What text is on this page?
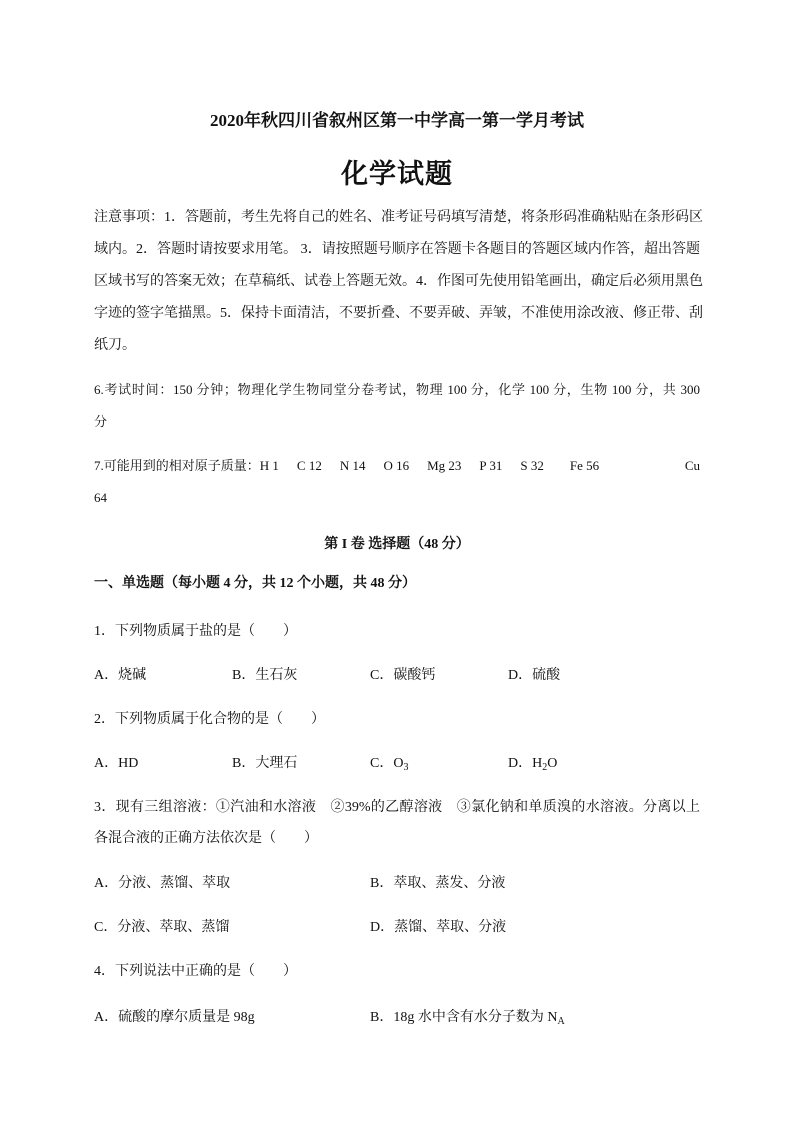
2020年秋四川省叙州区第一中学高一第一学月考试
化学试题
注意事项：1．答题前，考生先将自己的姓名、准考证号码填写清楚，将条形码准确粘贴在条形码区
域内。2．答题时请按要求用笔。 3．请按照题号顺序在答题卡各题目的答题区域内作答，超出答题
区域书写的答案无效；在草稿纸、试卷上答题无效。4．作图可先使用铅笔画出，确定后必须用黑色
字迹的签字笔描黑。5．保持卡面清洁，不要折叠、不要弄破、弄皱，不准使用涂改液、修正带、刮
纸刀。
6.考试时间：150 分钟；物理化学生物同堂分卷考试，物理 100 分，化学 100 分，生物 100 分，共 300
分
7.可能用到的相对原子质量：H 1 C 12 N 14 O 16 Mg 23 P 31 S 32 Fe 56	Cu
64
第 I 卷 选择题（48 分）
一、单选题（每小题 4 分，共 12 个小题，共 48 分）
1．下列物质属于盐的是（　　）
A．烧碱	B．生石灰	C．碳酸钙	D．硫酸
2．下列物质属于化合物的是（　　）
A．HD	B．大理石	C．$O_3$	D．$H_2O$
3．现有三组溶液：①汽油和水溶液　②39%的乙醇溶液　③氯化钠和单质溴的水溶液。分离以上
各混合液的正确方法依次是（　　）
A．分液、蒸馏、萃取	B．萃取、蒸发、分液
C．分液、萃取、蒸馏	D．蒸馏、萃取、分液
4．下列说法中正确的是（　　）
A．硫酸的摩尔质量是 98g	B．18g 水中含有水分子数为 $N_A$
